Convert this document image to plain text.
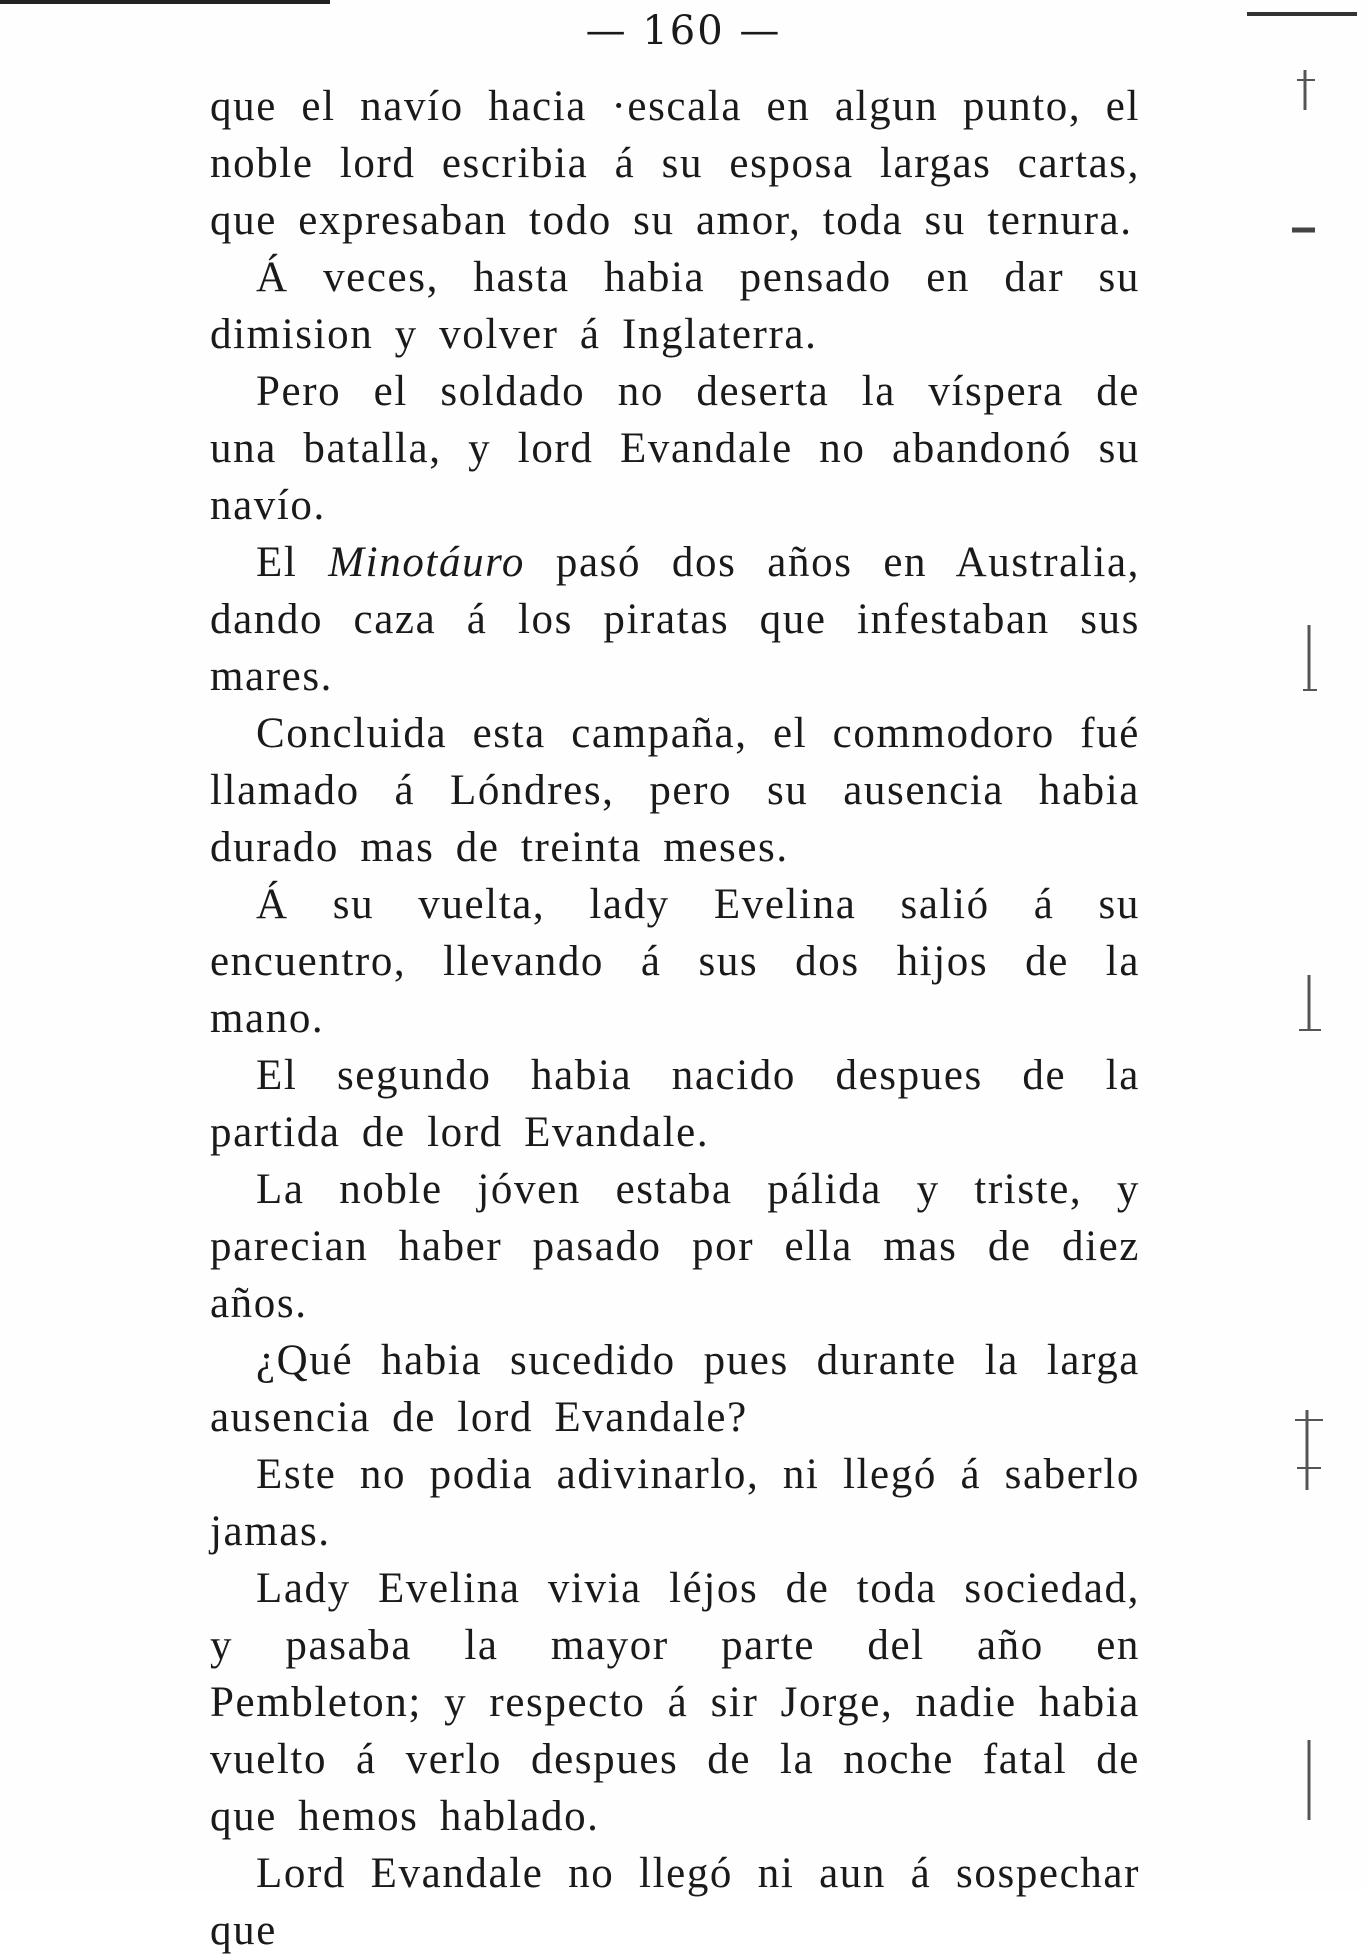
— 160 —

que el navío hacia ·escala en algun punto, el noble lord escribia á su esposa largas cartas, que expresaban todo su amor, toda su ternura.

Á veces, hasta habia pensado en dar su dimision y volver á Inglaterra.

Pero el soldado no deserta la víspera de una batalla, y lord Evandale no abandonó su navío.

El Minotáuro pasó dos años en Australia, dando caza á los piratas que infestaban sus mares.

Concluida esta campaña, el commodoro fué llamado á Lóndres, pero su ausencia habia durado mas de treinta meses.

Á su vuelta, lady Evelina salió á su encuentro, llevando á sus dos hijos de la mano.

El segundo habia nacido despues de la partida de lord Evandale.

La noble jóven estaba pálida y triste, y parecian haber pasado por ella mas de diez años.

¿Qué habia sucedido pues durante la larga ausencia de lord Evandale?

Este no podia adivinarlo, ni llegó á saberlo jamas.

Lady Evelina vivia léjos de toda sociedad, y pasaba la mayor parte del año en Pembleton; y respecto á sir Jorge, nadie habia vuelto á verlo despues de la noche fatal de que hemos hablado.

Lord Evandale no llegó ni aun á sospechar que
